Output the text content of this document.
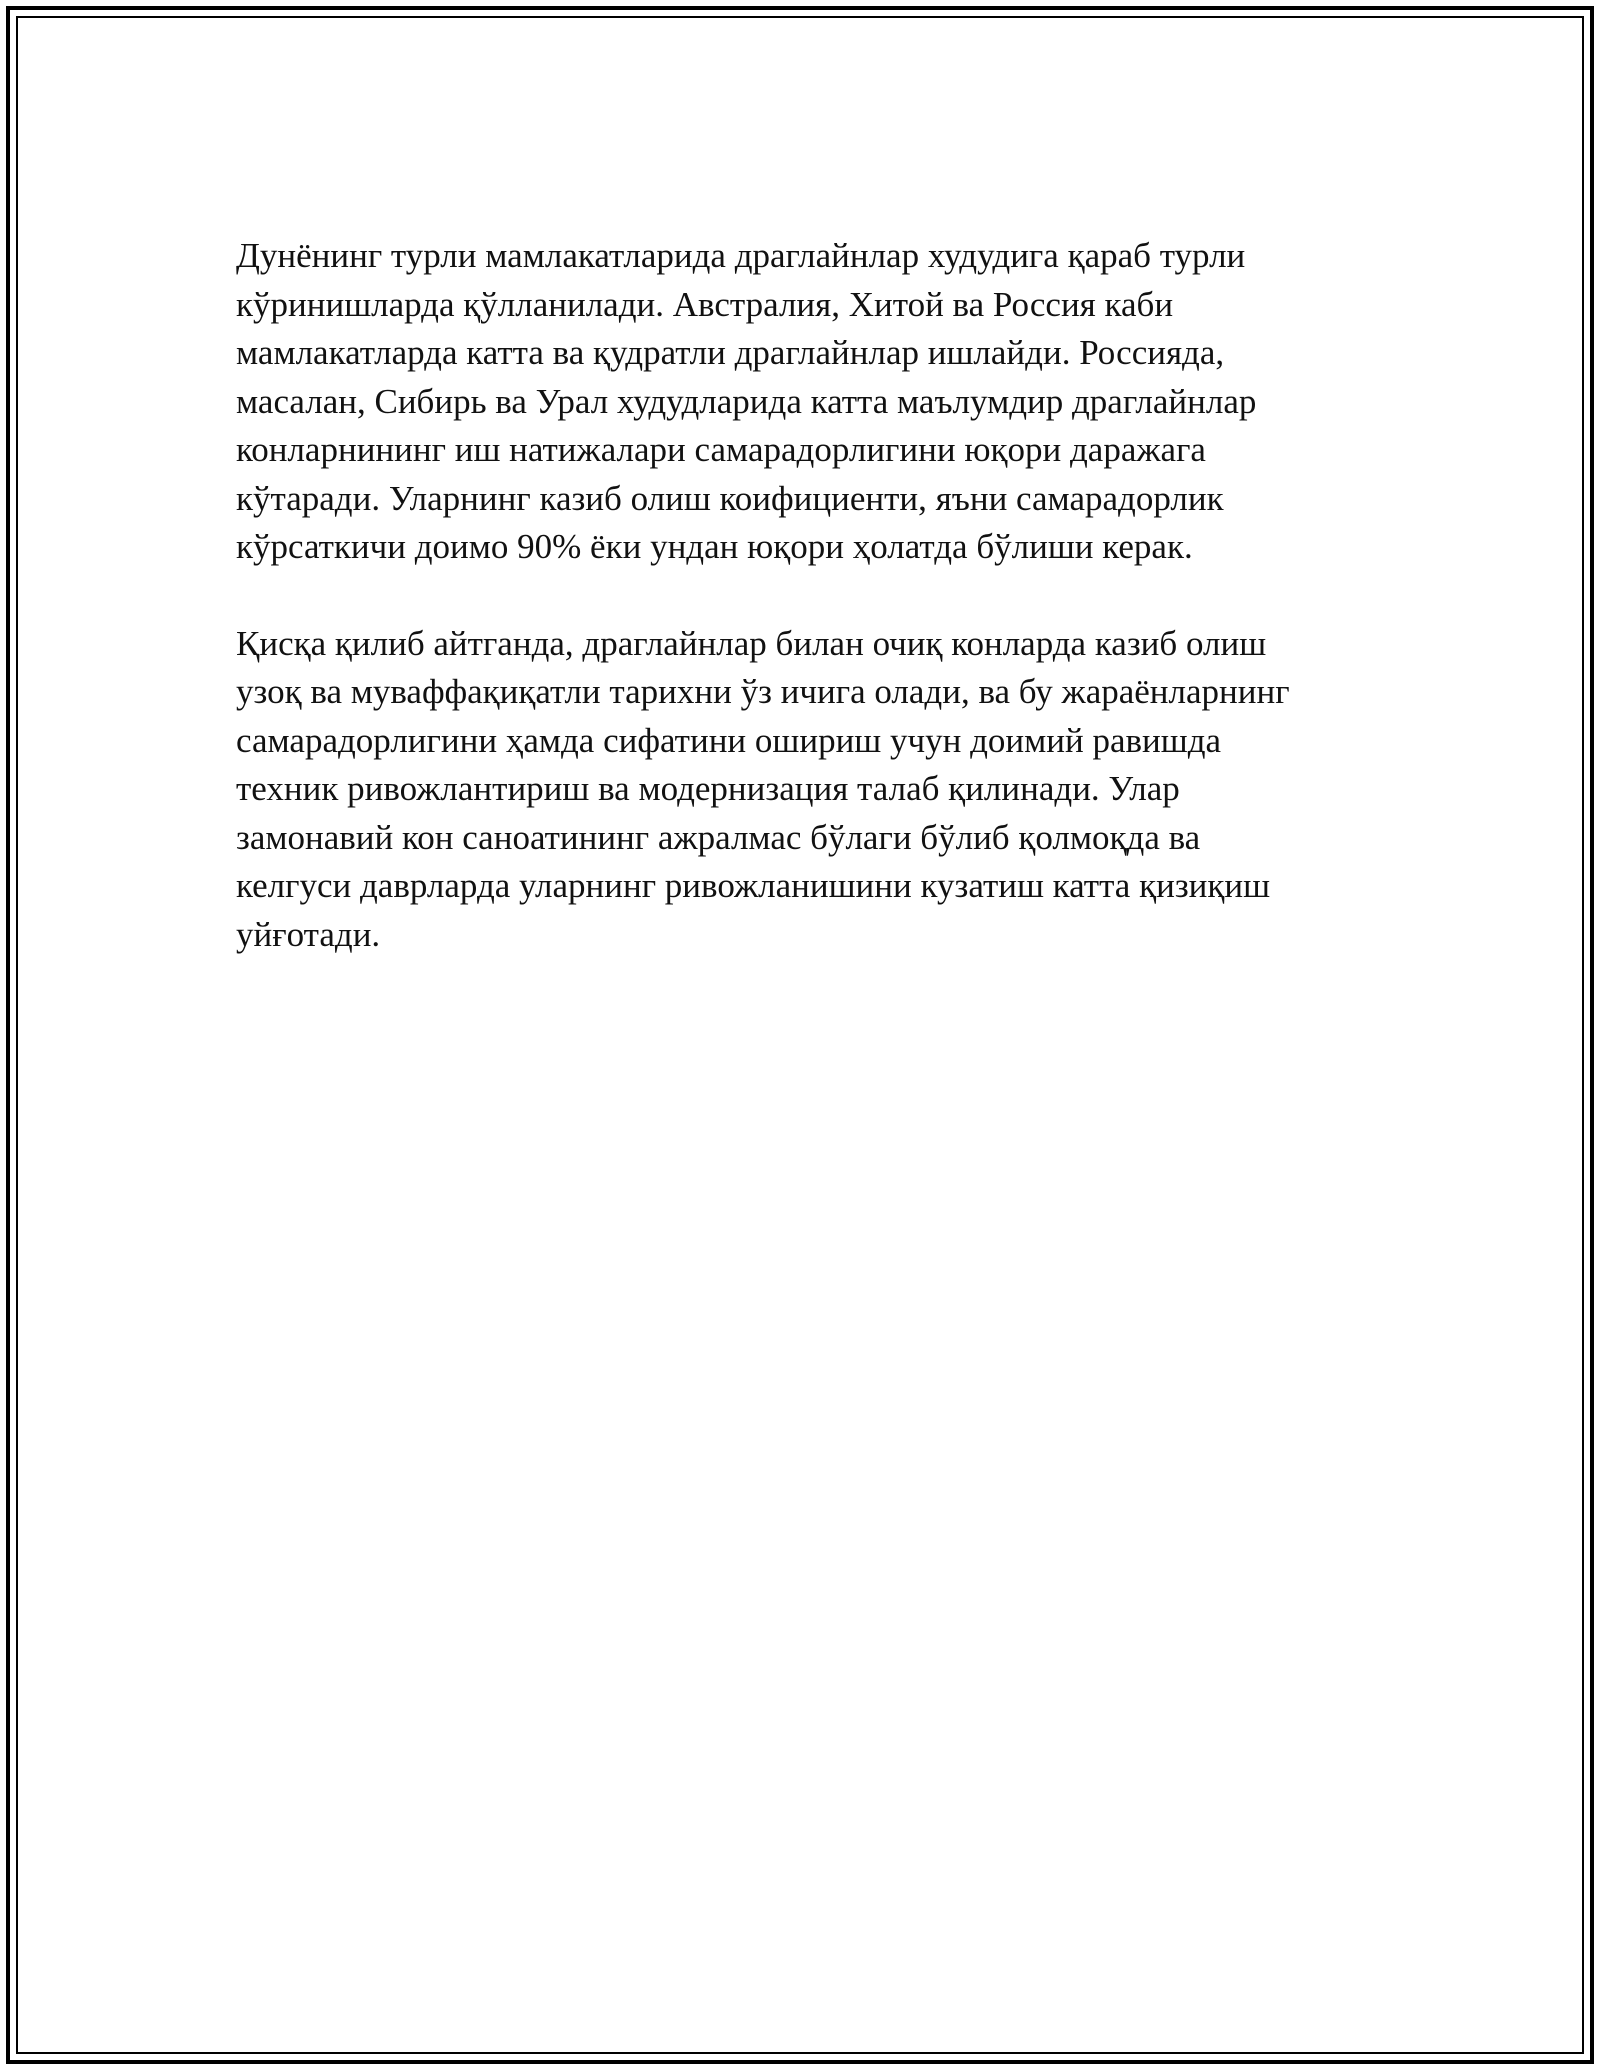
Дунёнинг турли мамлакатларида драглайнлар худудига қараб турли
кўринишларда қўлланилади. Австралия, Хитой ва Россия каби
мамлакатларда катта ва қудратли драглайнлар ишлайди. Россияда,
масалан, Сибирь ва Урал худудларида катта маълумдир драглайнлар
конларнининг иш натижалари самарадорлигини юқори даражага
кўтаради. Уларнинг казиб олиш коифициенти, яъни самарадорлик
кўрсаткичи доимо 90% ёки ундан юқори ҳолатда бўлиши керак.

Қисқа қилиб айтганда, драглайнлар билан очиқ конларда казиб олиш
узоқ ва муваффақиқатли тарихни ўз ичига олади, ва бу жараёнларнинг
самарадорлигини ҳамда сифатини ошириш учун доимий равишда
техник ривожлантириш ва модернизация талаб қилинади. Улар
замонавий кон саноатининг ажралмас бўлаги бўлиб қолмоқда ва
келгуси даврларда уларнинг ривожланишини кузатиш катта қизиқиш
уйғотади.
